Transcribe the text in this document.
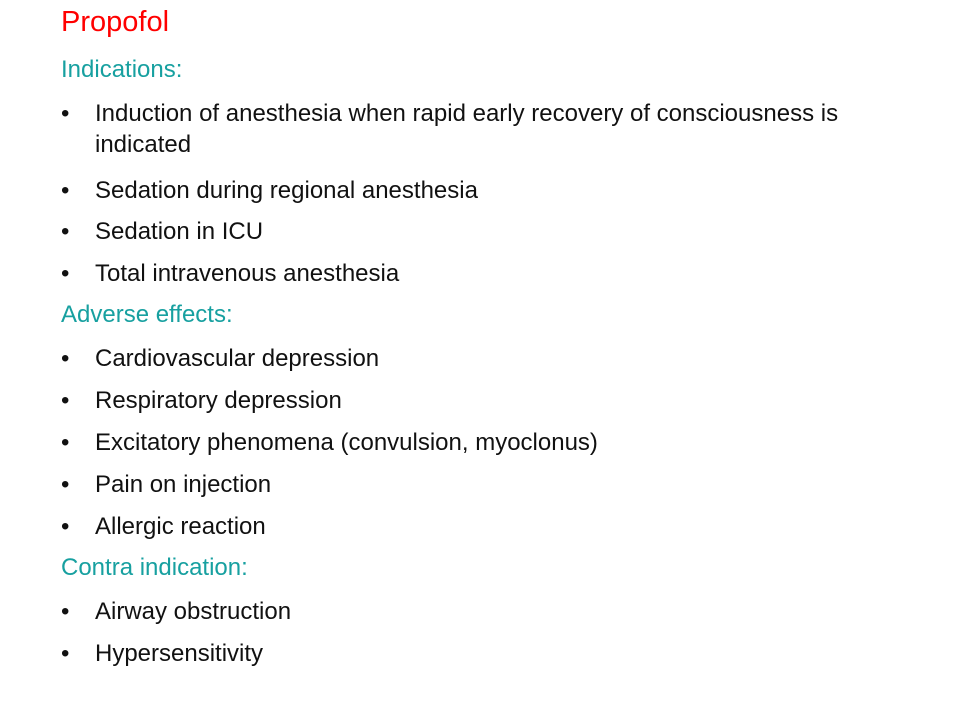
Propofol
Indications:
• Induction of anesthesia when rapid early recovery of consciousness is indicated
• Sedation during regional anesthesia
• Sedation in ICU
• Total intravenous anesthesia
Adverse effects:
• Cardiovascular depression
• Respiratory depression
• Excitatory phenomena (convulsion, myoclonus)
• Pain on injection
• Allergic reaction
Contra indication:
• Airway obstruction
• Hypersensitivity
